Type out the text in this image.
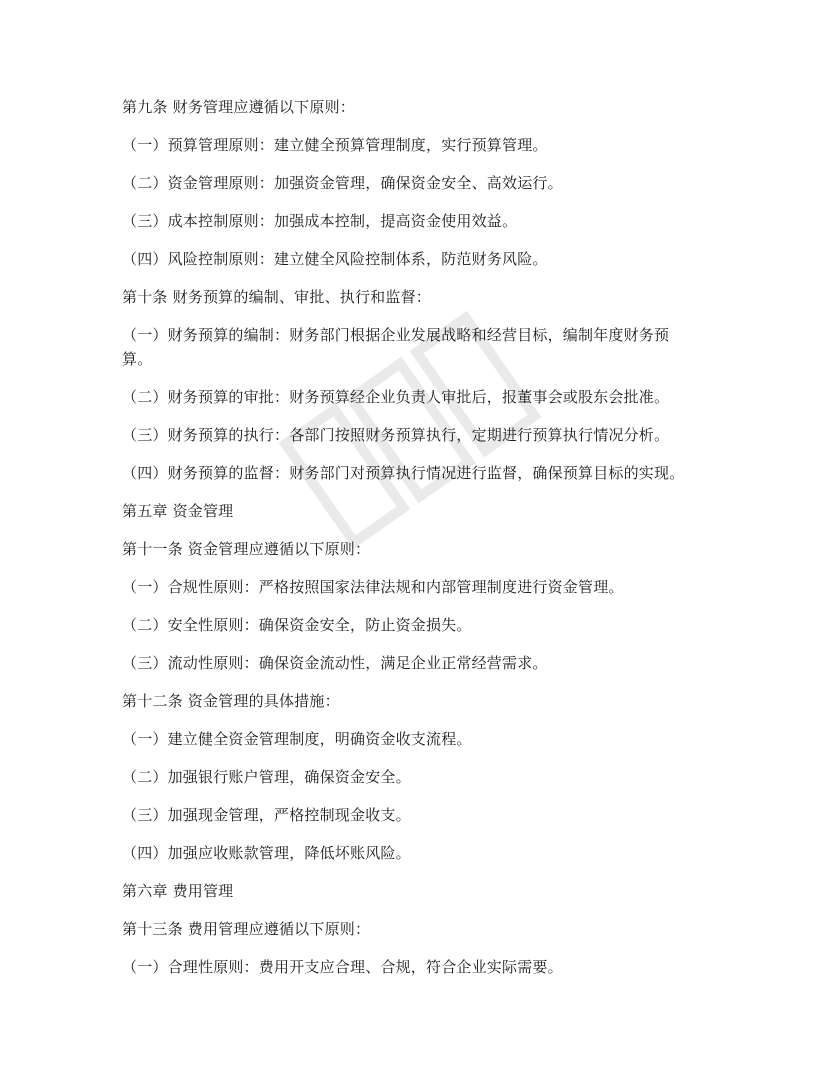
第九条 财务管理应遵循以下原则：
（一）预算管理原则：建立健全预算管理制度，实行预算管理。
（二）资金管理原则：加强资金管理，确保资金安全、高效运行。
（三）成本控制原则：加强成本控制，提高资金使用效益。
（四）风险控制原则：建立健全风险控制体系，防范财务风险。
第十条 财务预算的编制、审批、执行和监督：
（一）财务预算的编制：财务部门根据企业发展战略和经营目标，编制年度财务预
算。
（二）财务预算的审批：财务预算经企业负责人审批后，报董事会或股东会批准。
（三）财务预算的执行：各部门按照财务预算执行，定期进行预算执行情况分析。
（四）财务预算的监督：财务部门对预算执行情况进行监督，确保预算目标的实现。
第五章 资金管理
第十一条 资金管理应遵循以下原则：
（一）合规性原则：严格按照国家法律法规和内部管理制度进行资金管理。
（二）安全性原则：确保资金安全，防止资金损失。
（三）流动性原则：确保资金流动性，满足企业正常经营需求。
第十二条 资金管理的具体措施：
（一）建立健全资金管理制度，明确资金收支流程。
（二）加强银行账户管理，确保资金安全。
（三）加强现金管理，严格控制现金收支。
（四）加强应收账款管理，降低坏账风险。
第六章 费用管理
第十三条 费用管理应遵循以下原则：
（一）合理性原则：费用开支应合理、合规，符合企业实际需要。
